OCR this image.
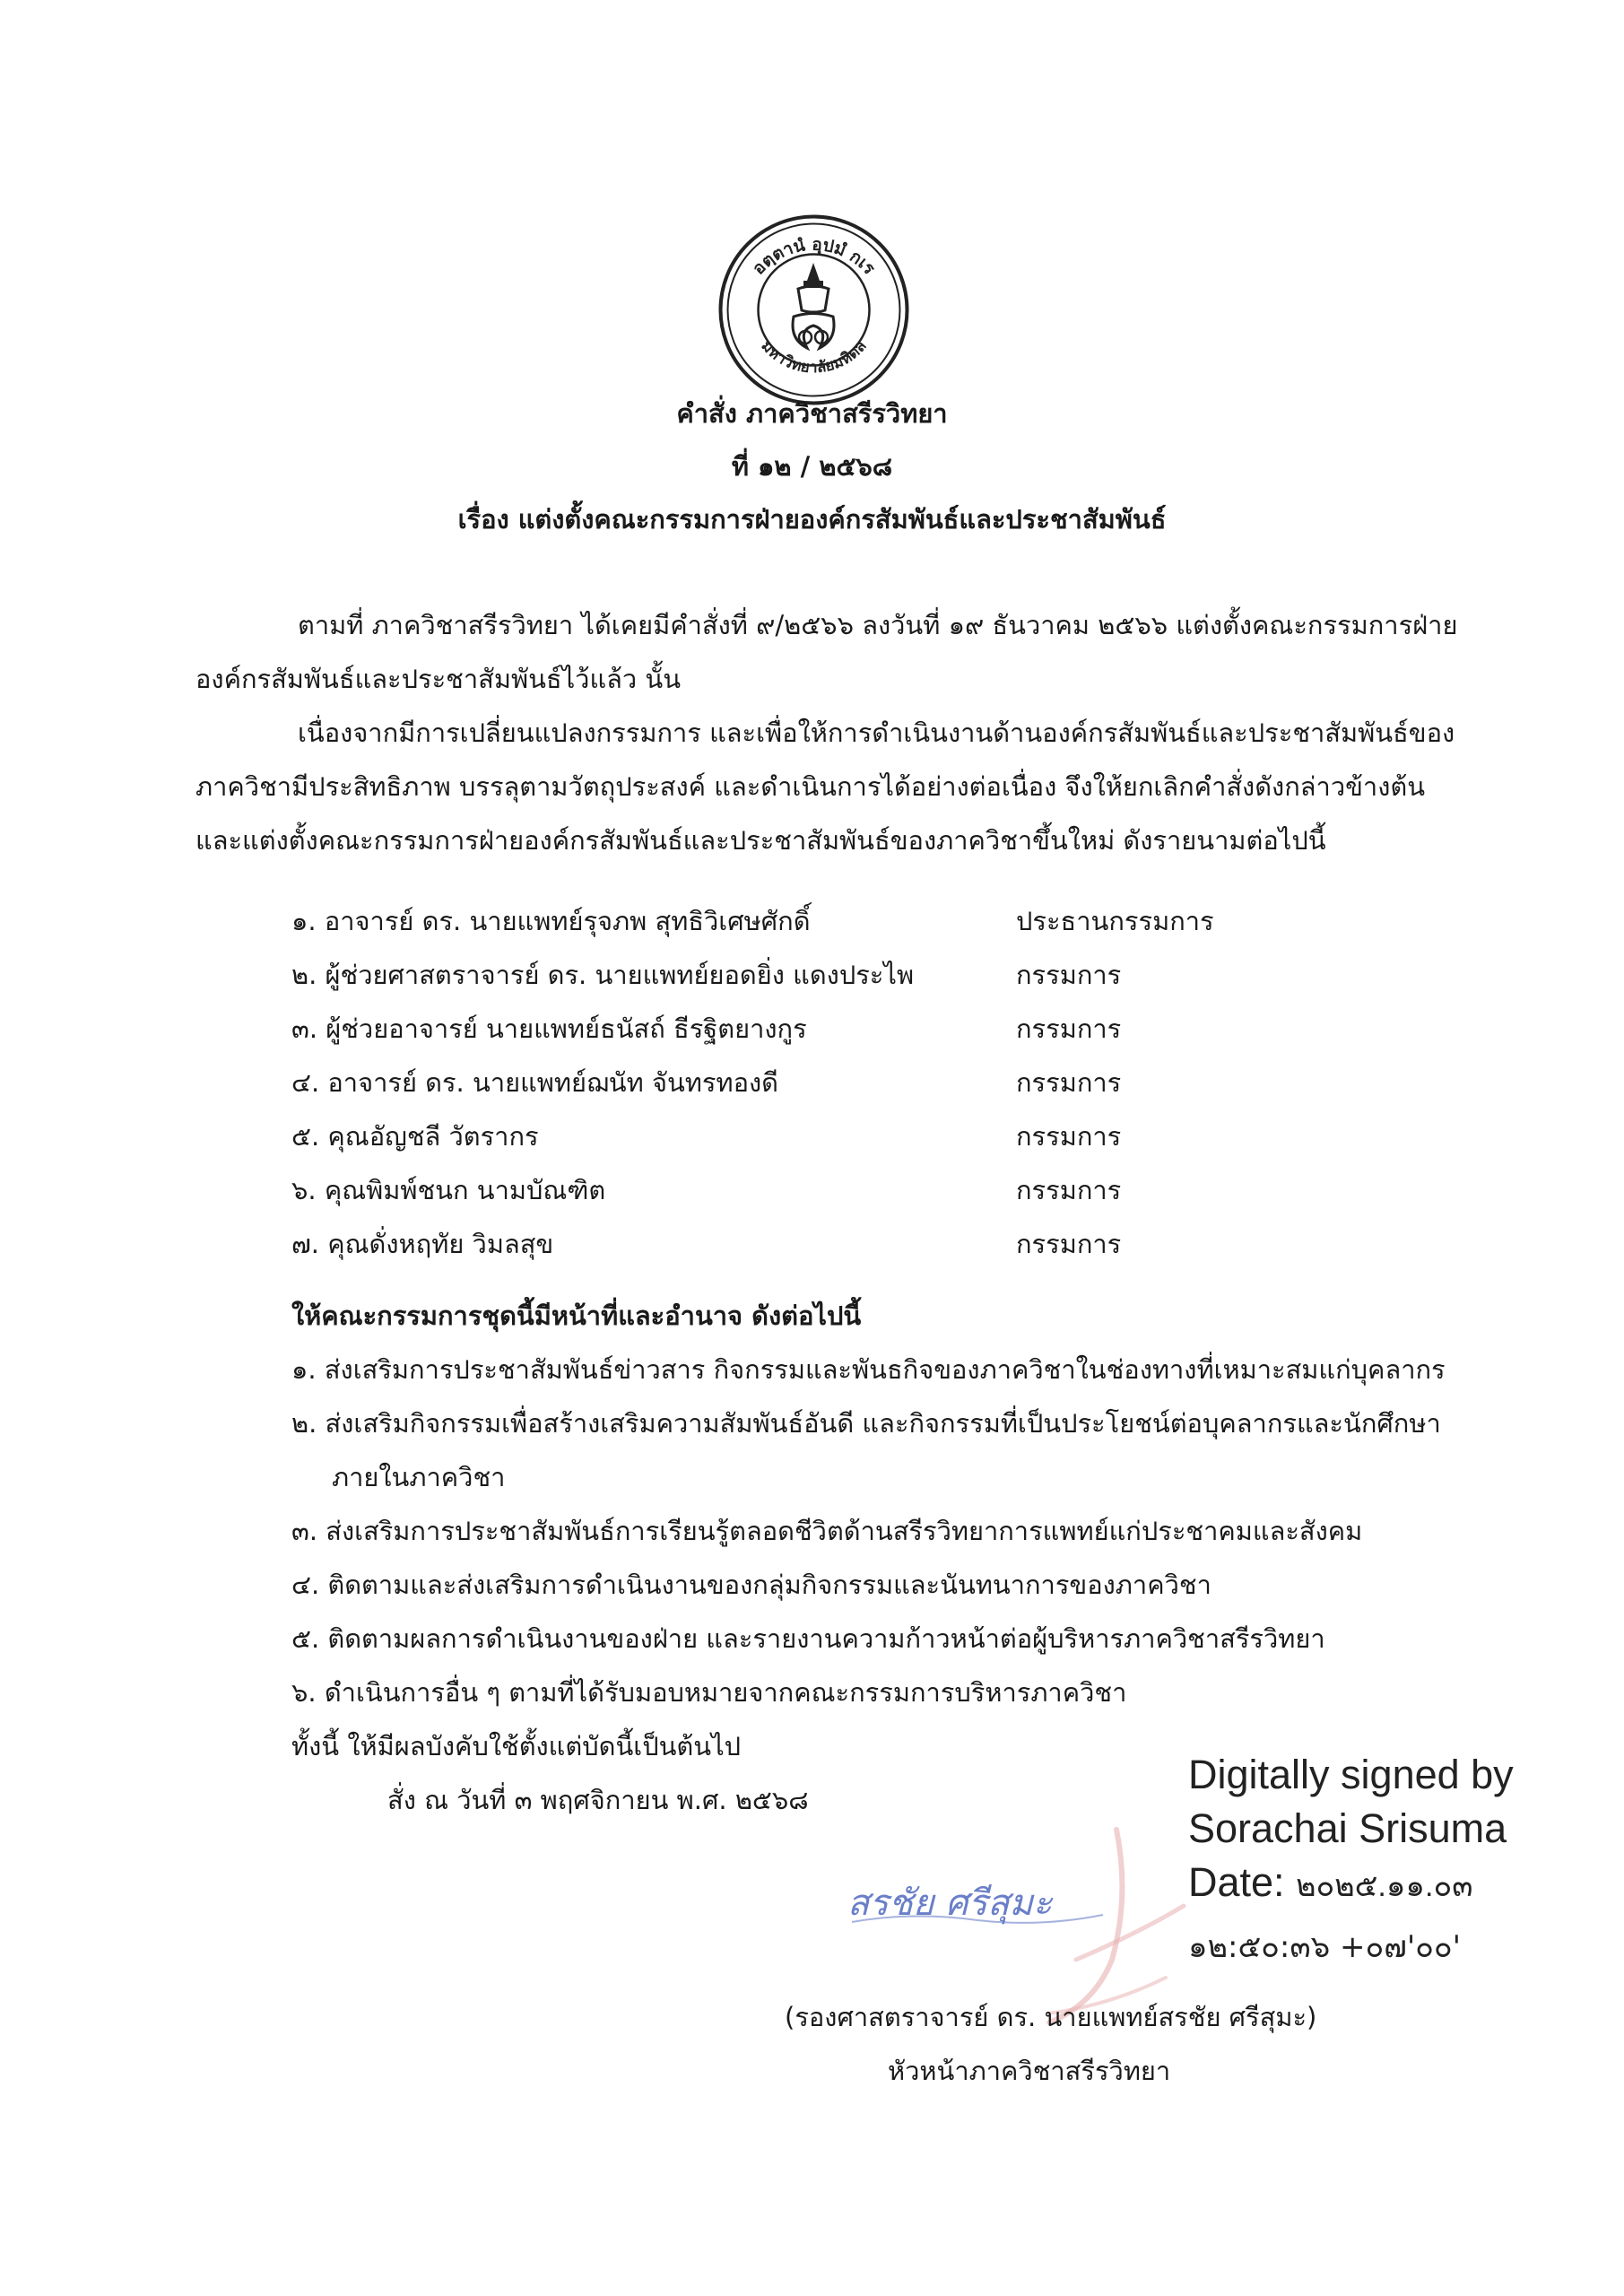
อตฺตานํ อุปมํ กเร
มหาวิทยาลัยมหิดล
คำสั่ง ภาควิชาสรีรวิทยา
ที่ ๑๒ / ๒๕๖๘
เรื่อง แต่งตั้งคณะกรรมการฝ่ายองค์กรสัมพันธ์และประชาสัมพันธ์
ตามที่ ภาควิชาสรีรวิทยา ได้เคยมีคำสั่งที่ ๙/๒๕๖๖ ลงวันที่ ๑๙ ธันวาคม ๒๕๖๖ แต่งตั้งคณะกรรมการฝ่าย
องค์กรสัมพันธ์และประชาสัมพันธ์ไว้แล้ว นั้น
เนื่องจากมีการเปลี่ยนแปลงกรรมการ และเพื่อให้การดำเนินงานด้านองค์กรสัมพันธ์และประชาสัมพันธ์ของ
ภาควิชามีประสิทธิภาพ บรรลุตามวัตถุประสงค์ และดำเนินการได้อย่างต่อเนื่อง จึงให้ยกเลิกคำสั่งดังกล่าวข้างต้น
และแต่งตั้งคณะกรรมการฝ่ายองค์กรสัมพันธ์และประชาสัมพันธ์ของภาควิชาขึ้นใหม่ ดังรายนามต่อไปนี้
๑. อาจารย์ ดร. นายแพทย์รุจภพ สุทธิวิเศษศักดิ์	ประธานกรรมการ
๒. ผู้ช่วยศาสตราจารย์ ดร. นายแพทย์ยอดยิ่ง แดงประไพ	กรรมการ
๓. ผู้ช่วยอาจารย์ นายแพทย์ธนัสถ์ ธีรฐิตยางกูร	กรรมการ
๔. อาจารย์ ดร. นายแพทย์ฌนัท จันทรทองดี	กรรมการ
๕. คุณอัญชลี วัตรากร	กรรมการ
๖. คุณพิมพ์ชนก นามบัณฑิต	กรรมการ
๗. คุณดั่งหฤทัย วิมลสุข	กรรมการ
ให้คณะกรรมการชุดนี้มีหน้าที่และอำนาจ ดังต่อไปนี้
๑. ส่งเสริมการประชาสัมพันธ์ข่าวสาร กิจกรรมและพันธกิจของภาควิชาในช่องทางที่เหมาะสมแก่บุคลากร
๒. ส่งเสริมกิจกรรมเพื่อสร้างเสริมความสัมพันธ์อันดี และกิจกรรมที่เป็นประโยชน์ต่อบุคลากรและนักศึกษา
ภายในภาควิชา
๓. ส่งเสริมการประชาสัมพันธ์การเรียนรู้ตลอดชีวิตด้านสรีรวิทยาการแพทย์แก่ประชาคมและสังคม
๔. ติดตามและส่งเสริมการดำเนินงานของกลุ่มกิจกรรมและนันทนาการของภาควิชา
๕. ติดตามผลการดำเนินงานของฝ่าย และรายงานความก้าวหน้าต่อผู้บริหารภาควิชาสรีรวิทยา
๖. ดำเนินการอื่น ๆ ตามที่ได้รับมอบหมายจากคณะกรรมการบริหารภาควิชา
ทั้งนี้ ให้มีผลบังคับใช้ตั้งแต่บัดนี้เป็นต้นไป
สั่ง ณ วันที่ ๓ พฤศจิกายน พ.ศ. ๒๕๖๘
สรชัย ศรีสุมะ
Digitally signed by
Sorachai Srisuma
Date: ๒๐๒๕.๑๑.๐๓
๑๒:๕๐:๓๖ +๐๗'๐๐'
(รองศาสตราจารย์ ดร. นายแพทย์สรชัย ศรีสุมะ)
หัวหน้าภาควิชาสรีรวิทยา
